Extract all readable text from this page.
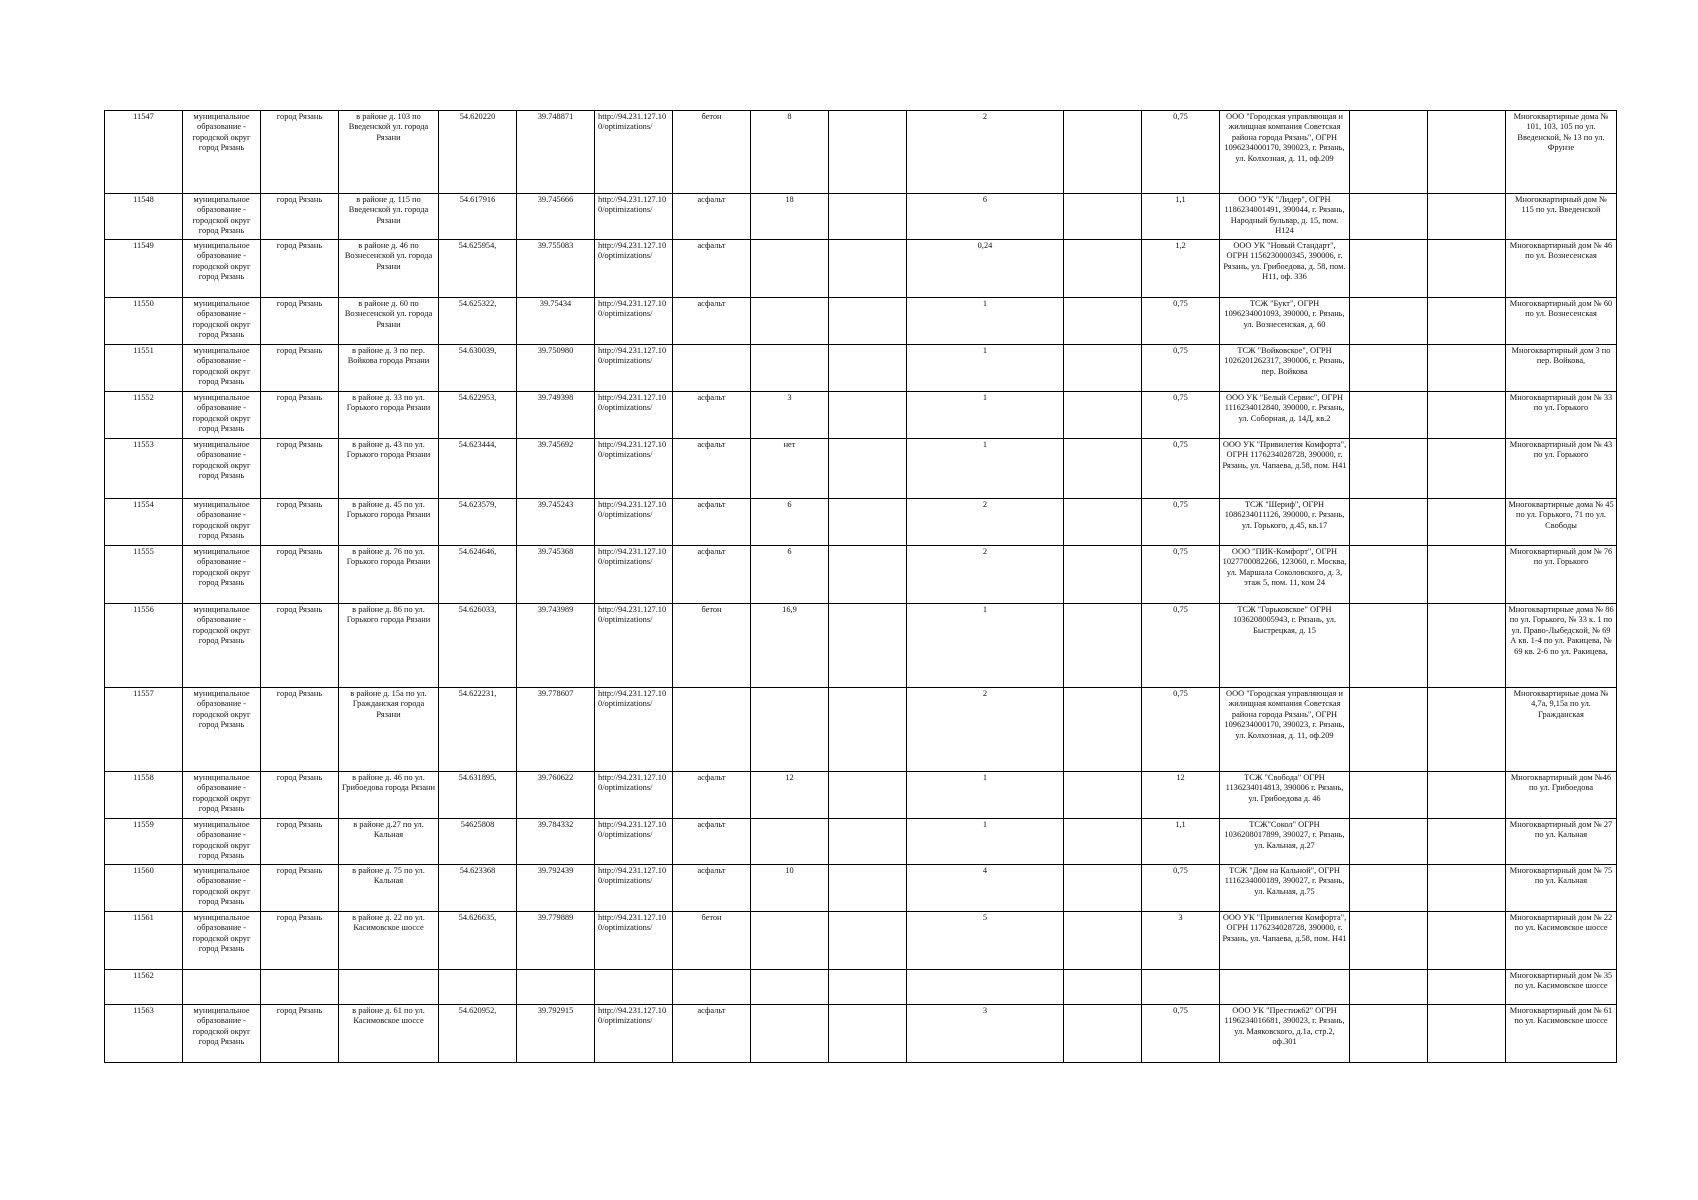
11547	муниципальное образование - городской округ город Рязань	город Рязань	в районе д. 103 по Введенской ул. города Рязани	54.620220	39.748871	http://94.231.127.10 0/optimizations/	бетон	8		2		0,75	ООО "Городская управляющая и жилищная компания Советская района города Рязань", ОГРН 1096234000170, 390023, г. Рязань, ул. Колхозная, д. 11, оф.209			Многоквартирные дома № 101, 103, 105 по ул. Введенской, № 13 по ул. Фрунзе
11548	муниципальное образование - городской округ город Рязань	город Рязань	в районе д. 115 по Введенской ул. города Рязани	54.617916	39.745666	http://94.231.127.10 0/optimizations/	асфальт	18		6		1,1	ООО "УК "Лидер", ОГРН 1186234001491, 390044, г. Рязань, Народный бульвар, д. 15, пом. Н124			Многоквартирный дом № 115 по ул. Введенской
11549	муниципальное образование - городской округ город Рязань	город Рязань	в районе д. 46 по Вознесенской ул. города Рязани	54.625954,	39.755083	http://94.231.127.10 0/optimizations/	асфальт			0,24		1,2	ООО УК "Новый Стандарт", ОГРН 1156230000345, 390006, г. Рязань, ул. Грибоедова, д. 58, пом. Н11, оф. 336			Многоквартирный дом № 46 по ул. Вознесенская
11550	муниципальное образование - городской округ город Рязань	город Рязань	в районе д. 60 по Вознесенской ул. города Рязани	54.625322,	39.75434	http://94.231.127.10 0/optimizations/	асфальт			1		0,75	ТСЖ "Букт", ОГРН 1096234001093, 390000, г. Рязань, ул. Вознесенская, д. 60			Многоквартирный дом № 60 по ул. Вознесенская
11551	муниципальное образование - городской округ город Рязань	город Рязань	в районе д. 3 по пер. Войкова города Рязани	54.630039,	39.750980	http://94.231.127.10 0/optimizations/				1		0,75	ТСЖ "Войковское", ОГРН 1026201262317, 390006, г. Рязань, пер. Войкова			Многоквартирный дом 3 по пер. Войкова,
11552	муниципальное образование - городской округ город Рязань	город Рязань	в районе д. 33 по ул. Горького города Рязани	54.622953,	39.749398	http://94.231.127.10 0/optimizations/	асфальт	3		1		0,75	ООО УК "Белый Сервис", ОГРН 1116234012840, 390000, г. Рязань, ул. Соборная, д. 14Д, кв.2			Многоквартирный дом № 33 по ул. Горького
11553	муниципальное образование - городской округ город Рязань	город Рязань	в районе д. 43 по ул. Горького города Рязани	54.623444,	39.745692	http://94.231.127.10 0/optimizations/	асфальт	нет		1		0,75	ООО УК "Привилегия Комфорта", ОГРН 1176234028728, 390000, г. Рязань, ул. Чапаева, д.58, пом. Н41			Многоквартирный дом № 43 по ул. Горького
11554	муниципальное образование - городской округ город Рязань	город Рязань	в районе д. 45 по ул. Горького города Рязани	54.623579,	39.745243	http://94.231.127.10 0/optimizations/	асфальт	6		2		0,75	ТСЖ "Шериф", ОГРН 1086234011126, 390000, г. Рязань, ул. Горького, д.45, кв.17			Многоквартирные дома № 45 по ул. Горького, 71 по ул. Свободы
11555	муниципальное образование - городской округ город Рязань	город Рязань	в районе д. 76 по ул. Горького города Рязани	54.624646,	39.745368	http://94.231.127.10 0/optimizations/	асфальт	6		2		0,75	ООО "ПИК-Комфорт", ОГРН 1027700082266, 123060, г. Москва, ул. Маршала Соколовского, д. 3, этаж 5, пом. 11, ком 24			Многоквартирный дом № 76 по ул. Горького
11556	муниципальное образование - городской округ город Рязань	город Рязань	в районе д. 86 по ул. Горького города Рязани	54.626033,	39.743989	http://94.231.127.10 0/optimizations/	бетон	16,9		1		0,75	ТСЖ "Горьковское" ОГРН 1036208005943, г. Рязань, ул. Быстрецкая, д. 15			Многоквартирные дома № 86 по ул. Горького, № 33 к. 1 по ул. Право-Лыбедской, № 69 А кв. 1-4 по ул. Ракицева, № 69 кв. 2-6 по ул. Ракицева,
11557	муниципальное образование - городской округ город Рязань	город Рязань	в районе д. 15а по ул. Гражданская города Рязани	54.622231,	39.778607	http://94.231.127.10 0/optimizations/				2		0,75	ООО "Городская управляющая и жилищная компания Советская района города Рязань", ОГРН 1096234000170, 390023, г. Рязань, ул. Колхозная, д. 11, оф.209			Многоквартирные дома № 4,7а, 9,15а по ул. Гражданская
11558	муниципальное образование - городской округ город Рязань	город Рязань	в районе д. 46 по ул. Грибоедова города Рязани	54.631895,	39.760622	http://94.231.127.10 0/optimizations/	асфальт	12		1		12	ТСЖ "Свобода" ОГРН 1136234014813, 390006 г. Рязань, ул. Грибоедова д. 46			Многоквартирный дом №46 по ул. Грибоедова
11559	муниципальное образование - городской округ город Рязань	город Рязань	в районе д.27 по ул. Кальная	54625808	39.784332	http://94.231.127.10 0/optimizations/	асфальт			1		1,1	ТСЖ"Сокол" ОГРН 1036208017899, 390027, г. Рязань, ул. Кальная, д.27			Многоквартирный дом № 27 по ул. Кальная
11560	муниципальное образование - городской округ город Рязань	город Рязань	в районе д. 75 по ул. Кальная	54.623368	39.792439	http://94.231.127.10 0/optimizations/	асфальт	10		4		0,75	ТСЖ "Дом на Кальной", ОГРН 1116234000189, 390027, г. Рязань, ул. Кальная, д.75			Многоквартирный дом № 75 по ул. Кальная
11561	муниципальное образование - городской округ город Рязань	город Рязань	в районе д. 22 по ул. Касимовское шоссе	54.626635,	39.779889	http://94.231.127.10 0/optimizations/	бетон			5		3	ООО УК "Привилегия Комфорта", ОГРН 1176234028728, 390000, г. Рязань, ул. Чапаева, д.58, пом. Н41			Многоквартирный дом № 22 по ул. Касимовское шоссе
11562																Многоквартирный дом № 35 по ул. Касимовское шоссе
11563	муниципальное образование - городской округ город Рязань	город Рязань	в районе д. 61 по ул. Касимовское шоссе	54.620952,	39.792915	http://94.231.127.10 0/optimizations/	асфальт			3		0,75	ООО УК "Престиж62" ОГРН 1196234016681, 390023, г. Рязань, ул. Маяковского, д.1а, стр.2, оф.301			Многоквартирный дом № 61 по ул. Касимовское шоссе
